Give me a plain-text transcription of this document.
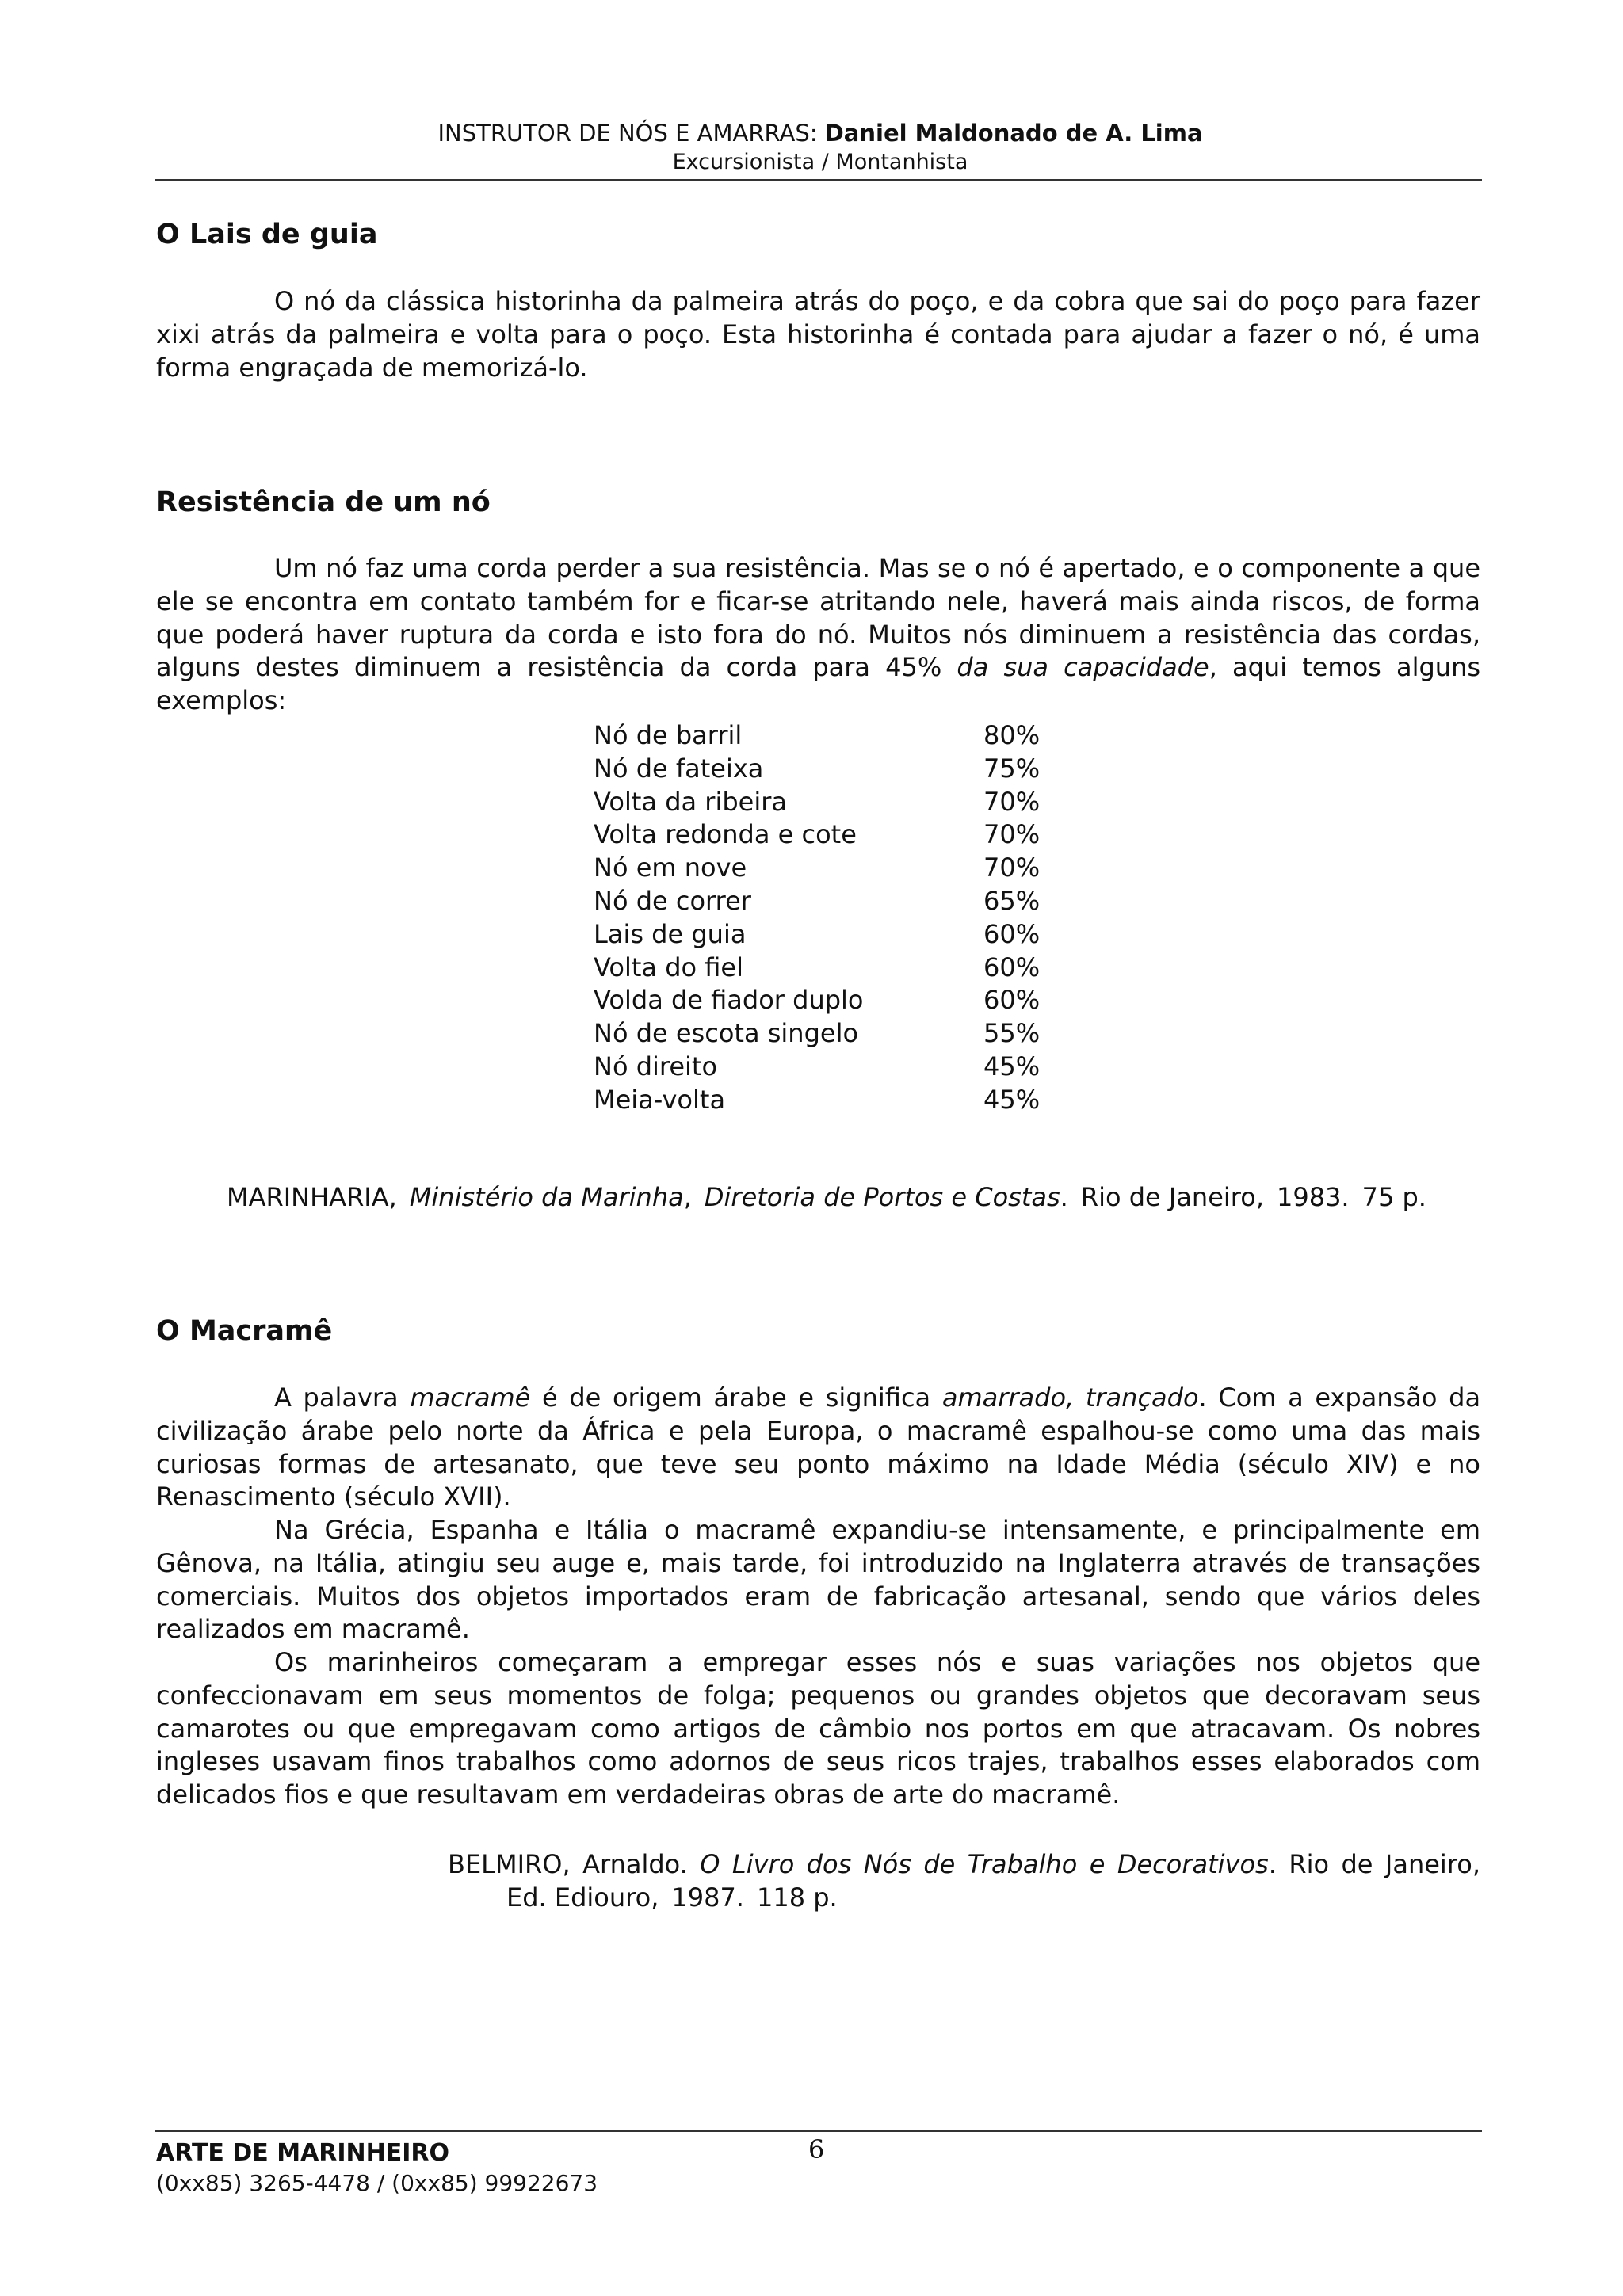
INSTRUTOR DE NÓS E AMARRAS: Daniel Maldonado de A. Lima
Excursionista / Montanhista
O Lais de guia
O nó da clássica historinha da palmeira atrás do poço, e da cobra que sai do poço para fazer xixi atrás da palmeira e volta para o poço. Esta historinha é contada para ajudar a fazer o nó, é uma forma engraçada de memorizá-lo.
Resistência de um nó
Um nó faz uma corda perder a sua resistência. Mas se o nó é apertado, e o componente a que ele se encontra em contato também for e ficar-se atritando nele, haverá mais ainda riscos, de forma que poderá haver ruptura da corda e isto fora do nó. Muitos nós diminuem a resistência das cordas, alguns destes diminuem a resistência da corda para 45% da sua capacidade, aqui temos alguns exemplos:
Nó de barril	80%
Nó de fateixa	75%
Volta da ribeira	70%
Volta redonda e cote	70%
Nó em nove	70%
Nó de correr	65%
Lais de guia	60%
Volta do fiel	60%
Volda de fiador duplo	60%
Nó de escota singelo	55%
Nó direito	45%
Meia-volta	45%
MARINHARIA, Ministério da Marinha, Diretoria de Portos e Costas. Rio de Janeiro, 1983. 75 p.
O Macramê
A palavra macramê é de origem árabe e significa amarrado, trançado. Com a expansão da civilização árabe pelo norte da África e pela Europa, o macramê espalhou-se como uma das mais curiosas formas de artesanato, que teve seu ponto máximo na Idade Média (século XIV) e no Renascimento (século XVII).
Na Grécia, Espanha e Itália o macramê expandiu-se intensamente, e principalmente em Gênova, na Itália, atingiu seu auge e, mais tarde, foi introduzido na Inglaterra através de transações comerciais. Muitos dos objetos importados eram de fabricação artesanal, sendo que vários deles realizados em macramê.
Os marinheiros começaram a empregar esses nós e suas variações nos objetos que confeccionavam em seus momentos de folga; pequenos ou grandes objetos que decoravam seus camarotes ou que empregavam como artigos de câmbio nos portos em que atracavam. Os nobres ingleses usavam finos trabalhos como adornos de seus ricos trajes, trabalhos esses elaborados com delicados fios e que resultavam em verdadeiras obras de arte do macramê.
BELMIRO, Arnaldo. O Livro dos Nós de Trabalho e Decorativos. Rio de Janeiro,
Ed. Ediouro, 1987. 118 p.
ARTE DE MARINHEIRO
(0xx85) 3265-4478 / (0xx85) 99922673
6
